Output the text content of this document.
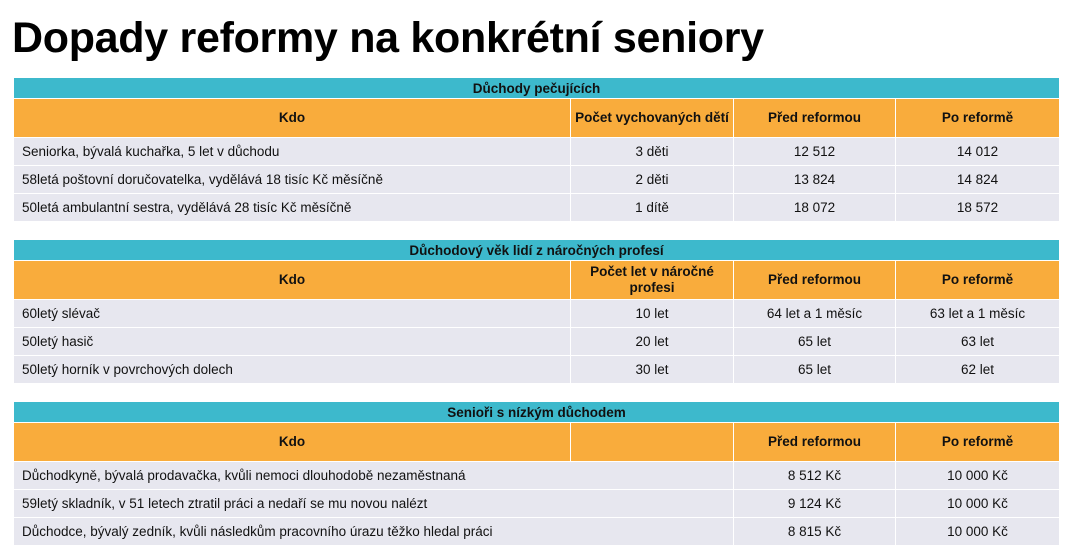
Dopady reformy na konkrétní seniory
Důchody pečujících			
Kdo	Počet vychovaných dětí	Před reformou	Po reformě
Seniorka, bývalá kuchařka, 5 let v důchodu	3 děti	12 512	14 012
58letá poštovní doručovatelka, vydělává 18 tisíc Kč měsíčně	2 děti	13 824	14 824
50letá ambulantní sestra, vydělává 28 tisíc Kč měsíčně	1 dítě	18 072	18 572
Důchodový věk lidí z náročných profesí			
Kdo	Počet let v náročné profesi	Před reformou	Po reformě
60letý slévač	10 let	64 let a 1 měsíc	63 let a 1 měsíc
50letý hasič	20 let	65 let	63 let
50letý horník v povrchových dolech	30 let	65 let	62 let
Senioři s nízkým důchodem			
Kdo		Před reformou	Po reformě
Důchodkyně, bývalá prodavačka, kvůli nemoci dlouhodobě nezaměstnaná		8 512 Kč	10 000 Kč
59letý skladník, v 51 letech ztratil práci a nedaří se mu novou nalézt		9 124 Kč	10 000 Kč
Důchodce, bývalý zedník, kvůli následkům pracovního úrazu těžko hledal práci		8 815 Kč	10 000 Kč
